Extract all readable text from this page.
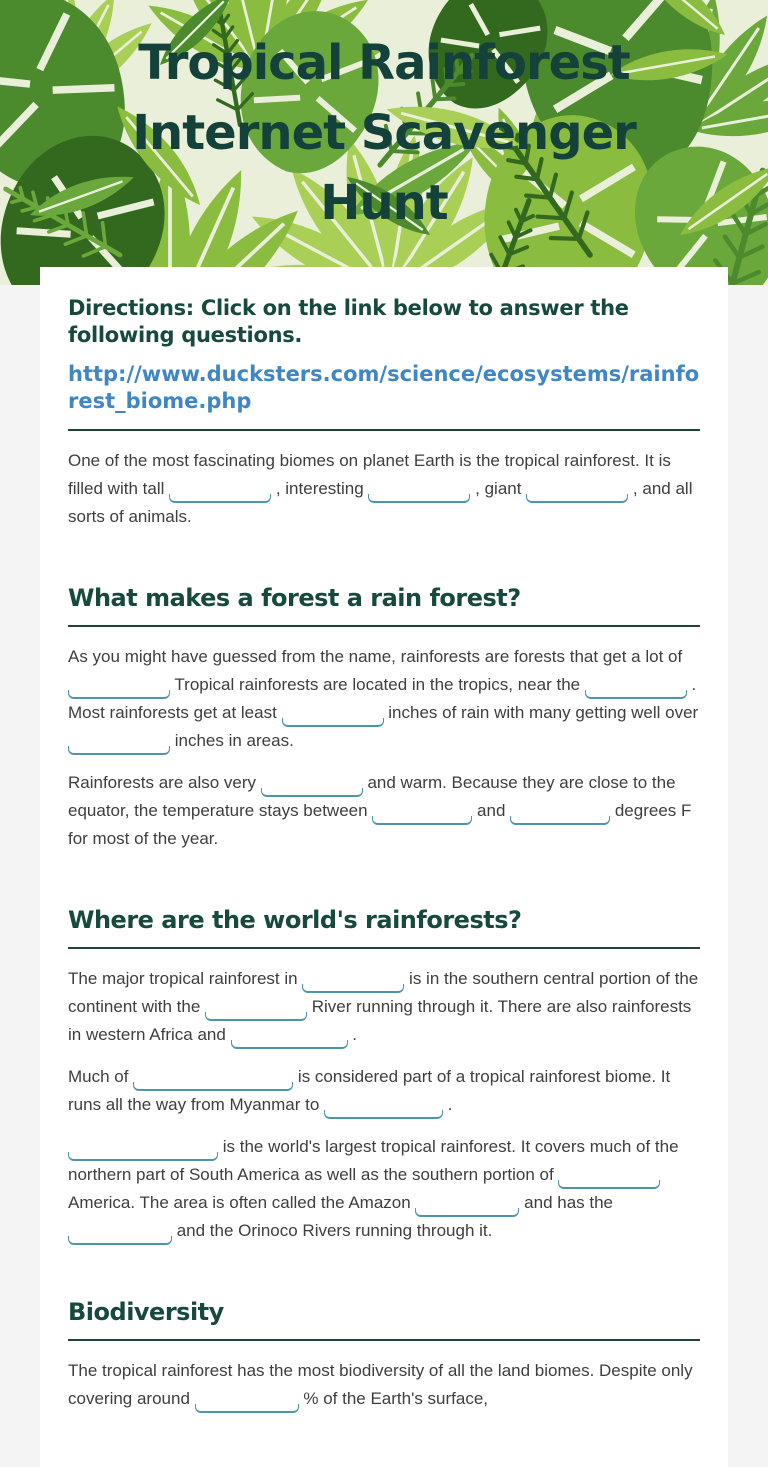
Tropical Rainforest
Internet Scavenger
Hunt
Directions: Click on the link below to answer the following questions.
http://www.ducksters.com/science/ecosystems/rainforest_biome.php

One of the most fascinating biomes on planet Earth is the tropical rainforest. It is filled with tall	, interesting	, giant	, and all sorts of animals.

What makes a forest a rain forest?

As you might have guessed from the name, rainforests are forests that get a lot of  Tropical rainforests are located in the tropics, near the	. Most rainforests get at least	inches of rain with many getting well over  inches in areas.

Rainforests are also very	and warm. Because they are close to the equator, the temperature stays between	and	degrees F for most of the year.

Where are the world's rainforests?

The major tropical rainforest in	is in the southern central portion of the continent with the	River running through it. There are also rainforests in western Africa and	.

Much of	is considered part of a tropical rainforest biome. It runs all the way from Myanmar to	.

is the world's largest tropical rainforest. It covers much of the northern part of South America as well as the southern portion of  America. The area is often called the Amazon	and has the  and the Orinoco Rivers running through it.

Biodiversity

The tropical rainforest has the most biodiversity of all the land biomes. Despite only covering around	% of the Earth's surface,
